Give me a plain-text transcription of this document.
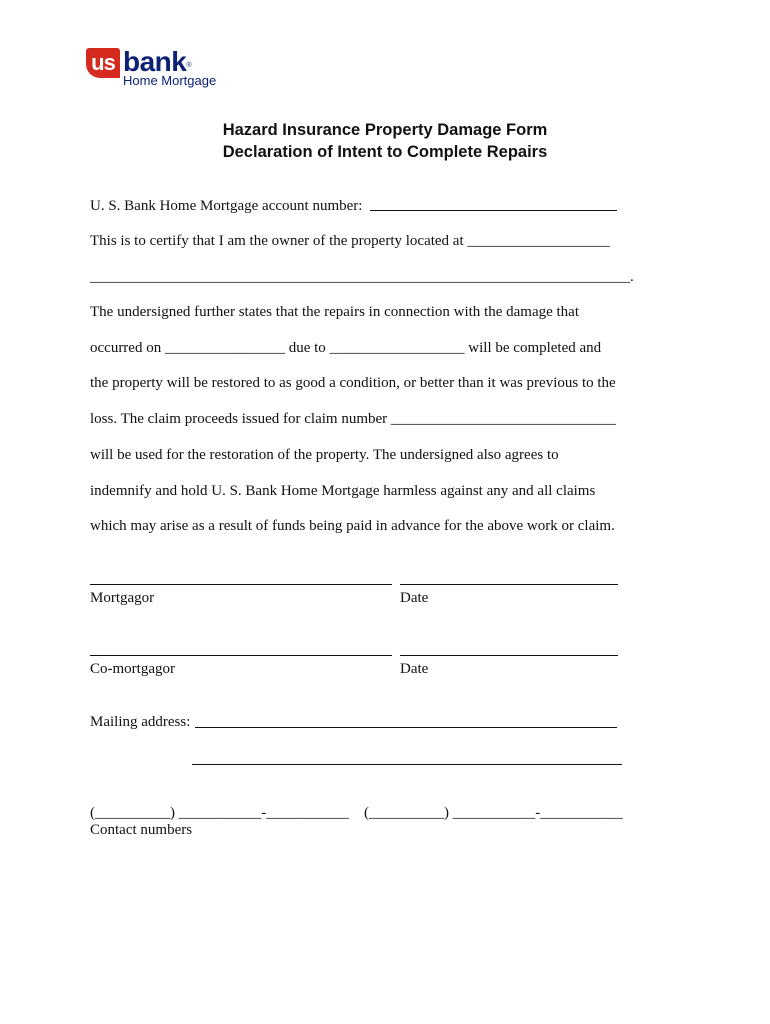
us bank®
Home Mortgage
Hazard Insurance Property Damage Form
Declaration of Intent to Complete Repairs
U. S. Bank Home Mortgage account number:
This is to certify that I am the owner of the property located at ___________________
________________________________________________________________________.
The undersigned further states that the repairs in connection with the damage that
occurred on ________________ due to __________________ will be completed and
the property will be restored to as good a condition, or better than it was previous to the
loss. The claim proceeds issued for claim number ______________________________
will be used for the restoration of the property. The undersigned also agrees to
indemnify and hold U. S. Bank Home Mortgage harmless against any and all claims
which may arise as a result of funds being paid in advance for the above work or claim.
Mortgagor	Date
Co-mortgagor	Date
Mailing address:
(__________) ___________-___________ (__________) ___________-___________
Contact numbers
